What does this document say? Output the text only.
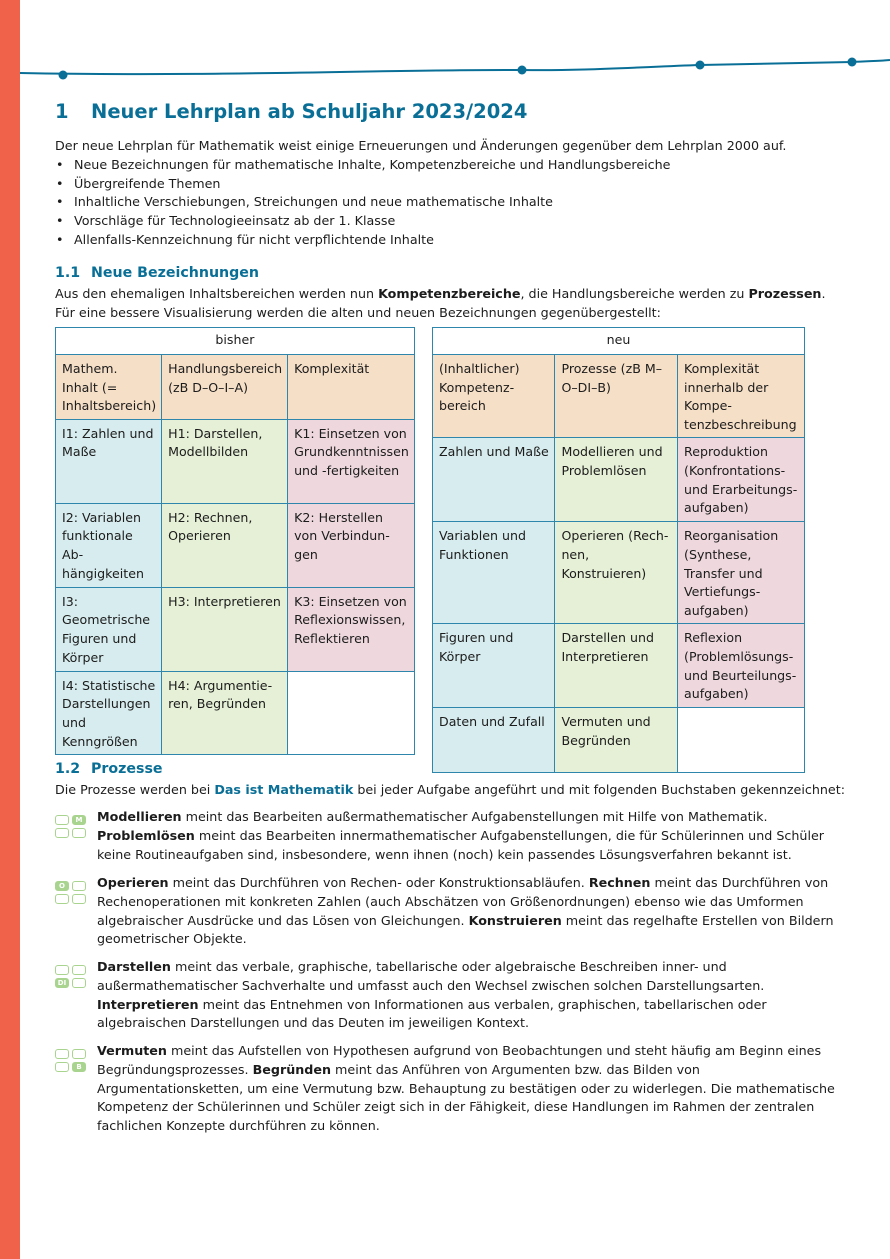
1 Neuer Lehrplan ab Schuljahr 2023/2024
Der neue Lehrplan für Mathematik weist einige Erneuerungen und Änderungen gegenüber dem Lehrplan 2000 auf.
• Neue Bezeichnungen für mathematische Inhalte, Kompetenzbereiche und Handlungsbereiche
• Übergreifende Themen
• Inhaltliche Verschiebungen, Streichungen und neue mathematische Inhalte
• Vorschläge für Technologieeinsatz ab der 1. Klasse
• Allenfalls-Kennzeichnung für nicht verpflichtende Inhalte
1.1 Neue Bezeichnungen
Aus den ehemaligen Inhaltsbereichen werden nun Kompetenzbereiche, die Handlungsbereiche werden zu Prozessen.
Für eine bessere Visualisierung werden die alten und neuen Bezeichnungen gegenübergestellt:
bisher		
Mathem. Inhalt (= Inhaltsbereich)	Handlungsbereich (zB D–O–I–A)	Komplexität
I1: Zahlen und Maße	H1: Darstellen, Modellbilden	K1: Einsetzen von Grundkenntnissen und -fertigkeiten
I2: Variablen funktionale Abhängigkeiten	H2: Rechnen, Operieren	K2: Herstellen von Verbindungen
I3: Geometrische Figuren und Körper	H3: Interpretieren	K3: Einsetzen von Reflexionswissen, Reflektieren
I4: Statistische Darstellungen und Kenngrößen	H4: Argumentieren, Begründen	
neu		
(Inhaltlicher) Kompetenzbereich	Prozesse (zB M–O–DI–B)	Komplexität innerhalb der Kompetenzbeschreibung
Zahlen und Maße	Modellieren und Problemlösen	Reproduktion (Konfrontations- und Erarbeitungsaufgaben)
Variablen und Funktionen	Operieren (Rechnen, Konstruieren)	Reorganisation (Synthese, Transfer und Vertiefungsaufgaben)
Figuren und Körper	Darstellen und Interpretieren	Reflexion (Problemlösungs- und Beurteilungsaufgaben)
Daten und Zufall	Vermuten und Begründen	
1.2 Prozesse
Die Prozesse werden bei Das ist Mathematik bei jeder Aufgabe angeführt und mit folgenden Buchstaben gekennzeichnet:
M Modellieren meint das Bearbeiten außermathematischer Aufgabenstellungen mit Hilfe von Mathematik.
Problemlösen meint das Bearbeiten innermathematischer Aufgabenstellungen, die für Schülerinnen und Schüler keine Routineaufgaben sind, insbesondere, wenn ihnen (noch) kein passendes Lösungsverfahren bekannt ist.
O	Operieren meint das Durchführen von Rechen- oder Konstruktionsabläufen. Rechnen meint das Durchführen von Rechenoperationen mit konkreten Zahlen (auch Abschätzen von Größenordnungen) ebenso wie das Umformen algebraischer Ausdrücke und das Lösen von Gleichungen. Konstruieren meint das regelhafte Erstellen von Bildern geometrischer Objekte.
DI
Darstellen meint das verbale, graphische, tabellarische oder algebraische Beschreiben inner- und außermathematischer Sachverhalte und umfasst auch den Wechsel zwischen solchen Darstellungsarten. Interpretieren meint das Entnehmen von Informationen aus verbalen, graphischen, tabellarischen oder algebraischen Darstellungen und das Deuten im jeweiligen Kontext.
B
Vermuten meint das Aufstellen von Hypothesen aufgrund von Beobachtungen und steht häufig am Beginn eines Begründungsprozesses. Begründen meint das Anführen von Argumenten bzw. das Bilden von Argumentationsketten, um eine Vermutung bzw. Behauptung zu bestätigen oder zu widerlegen. Die mathematische Kompetenz der Schülerinnen und Schüler zeigt sich in der Fähigkeit, diese Handlungen im Rahmen der zentralen fachlichen Konzepte durchführen zu können.
